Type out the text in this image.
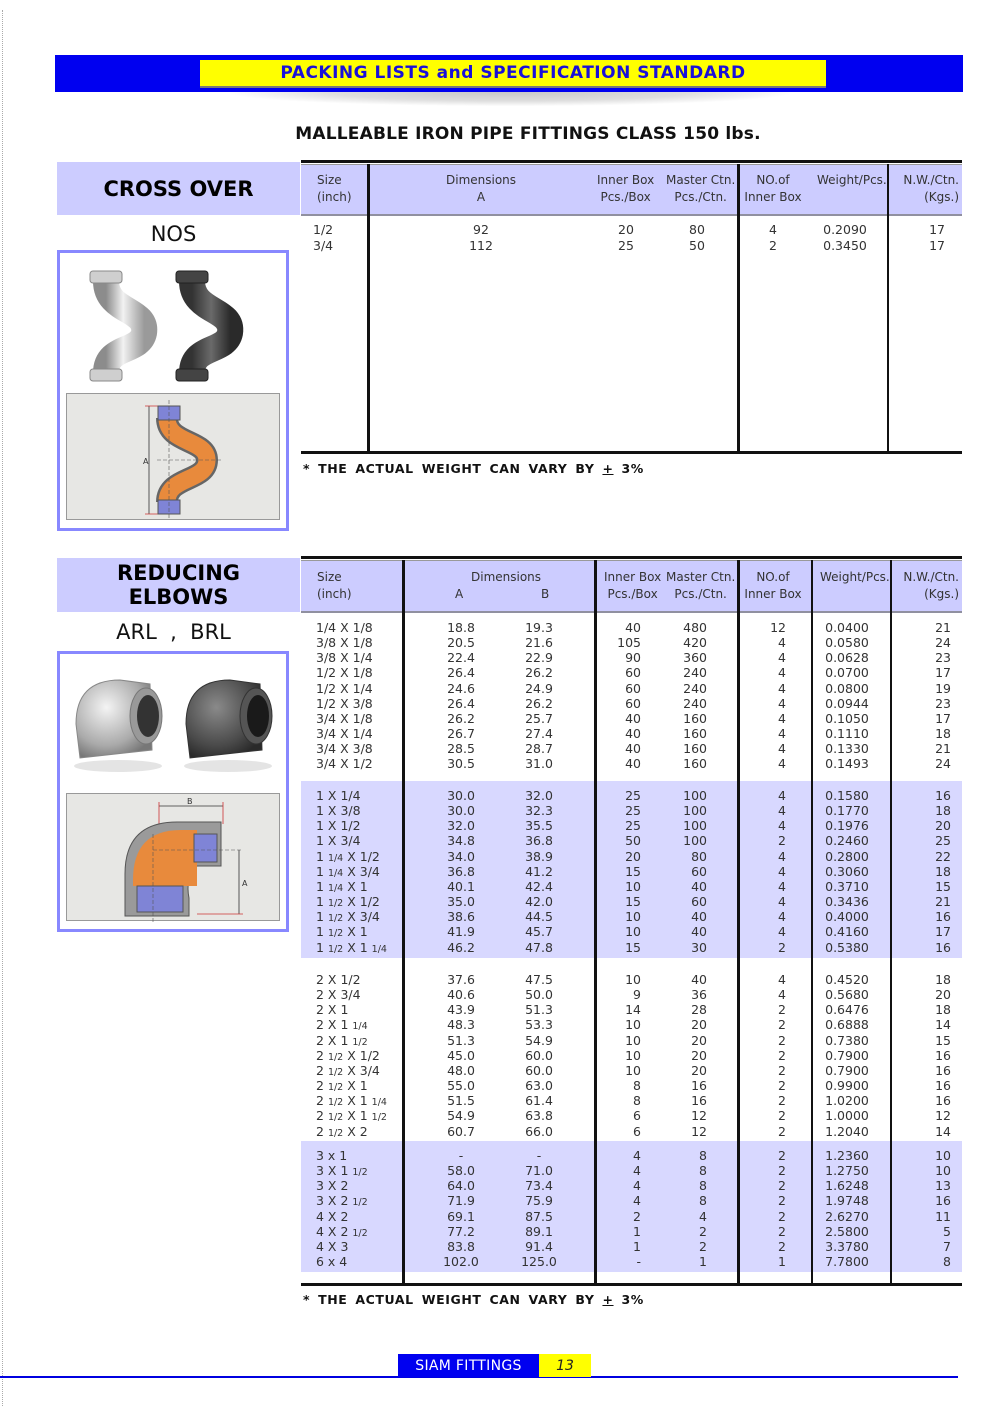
PACKING LISTS and SPECIFICATION STANDARD
MALLEABLE IRON PIPE FITTINGS CLASS 150 lbs.
CROSS OVER
NOS
A
Size
(inch)
Dimensions
A
Inner Box
Pcs./Box
Master Ctn.
Pcs./Ctn.
NO.of
Inner Box
Weight/Pcs.	N.W./Ctn.
(Kgs.)
1/2	92	20	80	4	0.2090	17
3/4	112	25	50	2	0.3450	17
* THE ACTUAL WEIGHT CAN VARY BY + 3%
REDUCING
ELBOWS
ARL  ,  BRL
B
A
Size
(inch)
Dimensions
A	B
Inner Box
Pcs./Box
Master Ctn.
Pcs./Ctn.
NO.of
Inner Box
Weight/Pcs.	N.W./Ctn.
(Kgs.)
1/4 X 1/8	18.8	19.3	40	480	12	0.0400	21
3/8 X 1/8	20.5	21.6	105	420	4	0.0580	24
3/8 X 1/4	22.4	22.9	90	360	4	0.0628	23
1/2 X 1/8	26.4	26.2	60	240	4	0.0700	17
1/2 X 1/4	24.6	24.9	60	240	4	0.0800	19
1/2 X 3/8	26.4	26.2	60	240	4	0.0944	23
3/4 X 1/8	26.2	25.7	40	160	4	0.1050	17
3/4 X 1/4	26.7	27.4	40	160	4	0.1110	18
3/4 X 3/8	28.5	28.7	40	160	4	0.1330	21
3/4 X 1/2	30.5	31.0	40	160	4	0.1493	24
1 X 1/4	30.0	32.0	25	100	4	0.1580	16
1 X 3/8	30.0	32.3	25	100	4	0.1770	18
1 X 1/2	32.0	35.5	25	100	4	0.1976	20
1 X 3/4	34.8	36.8	50	100	2	0.2460	25
1 1/4 X 1/2	34.0	38.9	20	80	4	0.2800	22
1 1/4 X 3/4	36.8	41.2	15	60	4	0.3060	18
1 1/4 X 1	40.1	42.4	10	40	4	0.3710	15
1 1/2 X 1/2	35.0	42.0	15	60	4	0.3436	21
1 1/2 X 3/4	38.6	44.5	10	40	4	0.4000	16
1 1/2 X 1	41.9	45.7	10	40	4	0.4160	17
1 1/2 X 1 1/4	46.2	47.8	15	30	2	0.5380	16
2 X 1/2	37.6	47.5	10	40	4	0.4520	18
2 X 3/4	40.6	50.0	9	36	4	0.5680	20
2 X 1	43.9	51.3	14	28	2	0.6476	18
2 X 1 1/4	48.3	53.3	10	20	2	0.6888	14
2 X 1 1/2	51.3	54.9	10	20	2	0.7380	15
2 1/2 X 1/2	45.0	60.0	10	20	2	0.7900	16
2 1/2 X 3/4	48.0	60.0	10	20	2	0.7900	16
2 1/2 X 1	55.0	63.0	8	16	2	0.9900	16
2 1/2 X 1 1/4	51.5	61.4	8	16	2	1.0200	16
2 1/2 X 1 1/2	54.9	63.8	6	12	2	1.0000	12
2 1/2 X 2	60.7	66.0	6	12	2	1.2040	14
3 x 1	-	-	4	8	2	1.2360	10
3 X 1 1/2	58.0	71.0	4	8	2	1.2750	10
3 X 2	64.0	73.4	4	8	2	1.6248	13
3 X 2 1/2	71.9	75.9	4	8	2	1.9748	16
4 X 2	69.1	87.5	2	4	2	2.6270	11
4 X 2 1/2	77.2	89.1	1	2	2	2.5800	5
4 X 3	83.8	91.4	1	2	2	3.3780	7
6 x 4	102.0	125.0	-	1	1	7.7800	8
* THE ACTUAL WEIGHT CAN VARY BY + 3%
SIAM FITTINGS	13
